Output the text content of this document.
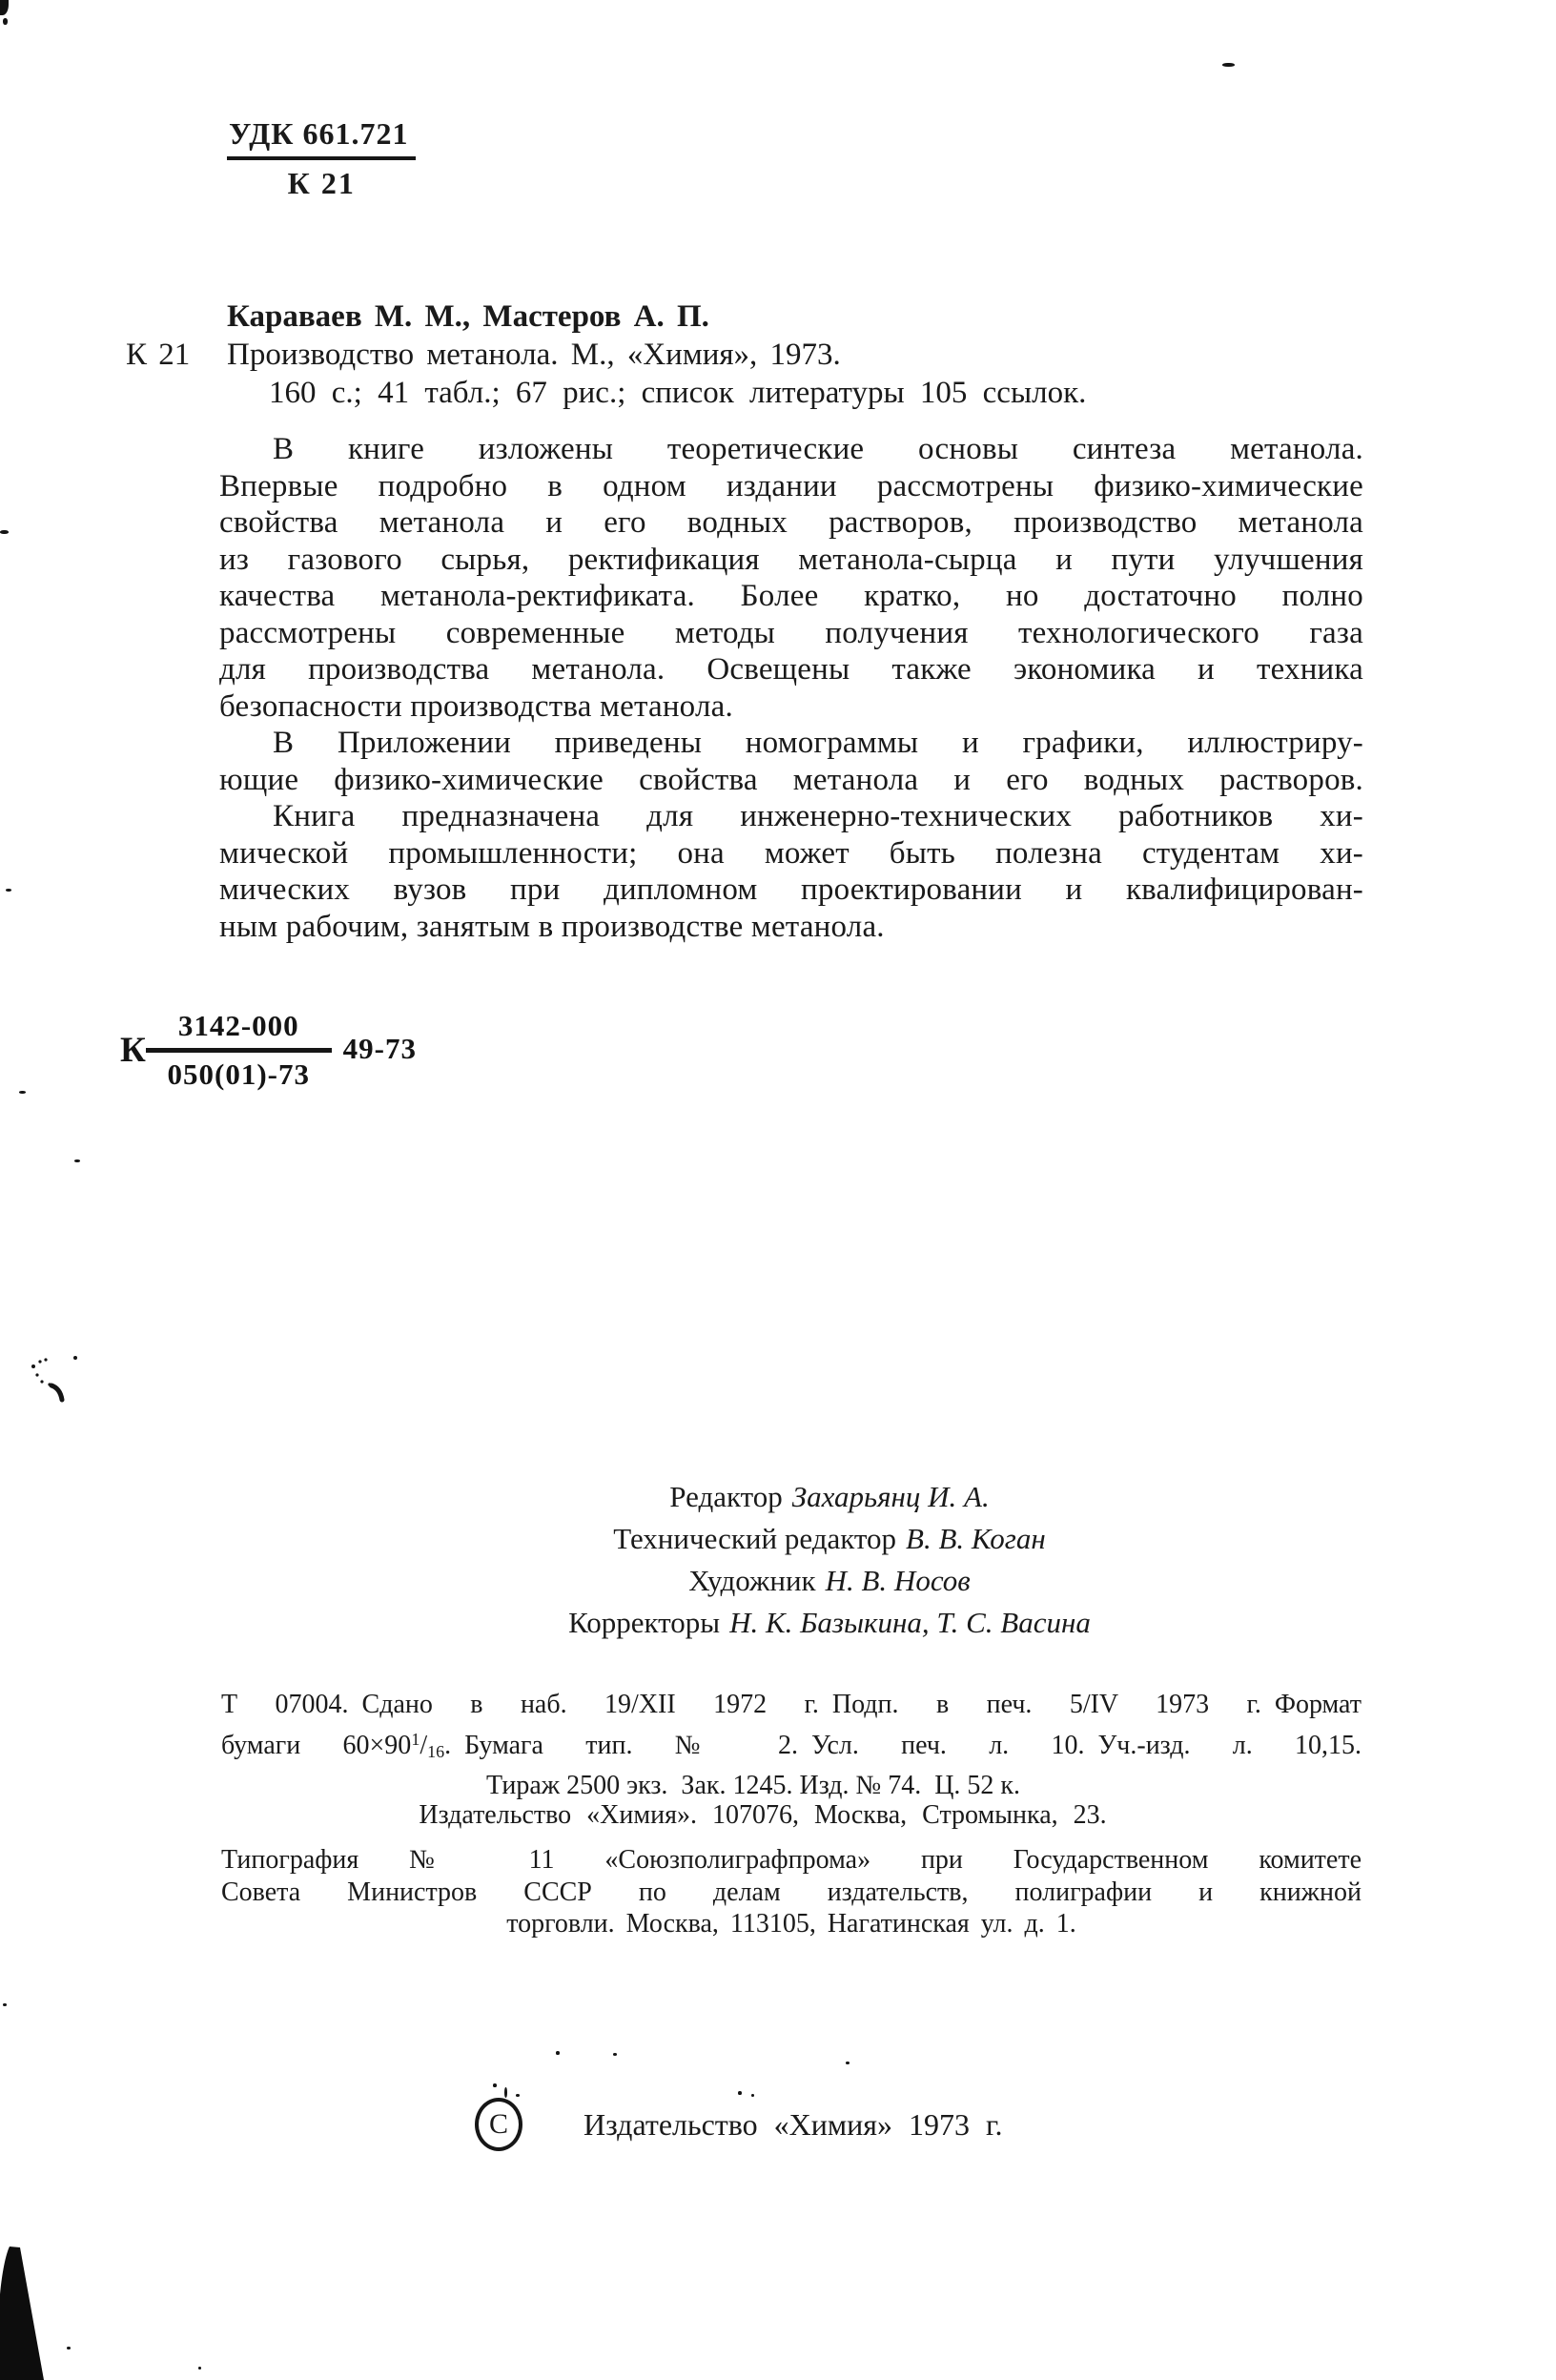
УДК 661.721
К 21
Караваев М. М., Мастеров А. П.
К 21 Производство метанола. М., «Химия», 1973.
160 с.; 41 табл.; 67 рис.; список литературы 105 ссылок.
В книге изложены теоретические основы синтеза метанола.
Впервые подробно в одном издании рассмотрены физико-химические
свойства метанола и его водных растворов, производство метанола
из газового сырья, ректификация метанола-сырца и пути улучшения
качества метанола-ректификата. Более кратко, но достаточно полно
рассмотрены современные методы получения технологического газа
для производства метанола. Освещены также экономика и техника
безопасности производства метанола.
В Приложении приведены номограммы и графики, иллюстриру-
ющие физико-химические свойства метанола и его водных растворов.
Книга предназначена для инженерно-технических работников хи-
мической промышленности; она может быть полезна студентам хи-
мических вузов при дипломном проектировании и квалифицирован-
ным рабочим, занятым в производстве метанола.
К $\frac{3142-000}{050(01)-73} 49-73$
Редактор Захарьянц И. А.
Технический редактор В. В. Коган
Художник Н. В. Носов
Корректоры Н. К. Базыкина, Т. С. Васина
Т 07004. Сдано в наб. 19/XII 1972 г. Подп. в печ. 5/IV 1973 г. Формат
бумаги $60\times 90^1/_{16}$. Бумага тип. № 2. Усл. печ. л. 10. Уч.-изд. л. 10,15.
Тираж 2500 экз. Зак. 1245. Изд. № 74. Ц. 52 к.
Издательство «Химия». 107076, Москва, Стромынка, 23.
Типография № 11 «Союзполиграфпрома» при Государственном комитете
Совета Министров СССР по делам издательств, полиграфии и книжной
торговли. Москва, 113105, Нагатинская ул. д. 1.
С	Издательство «Химия» 1973 г.
